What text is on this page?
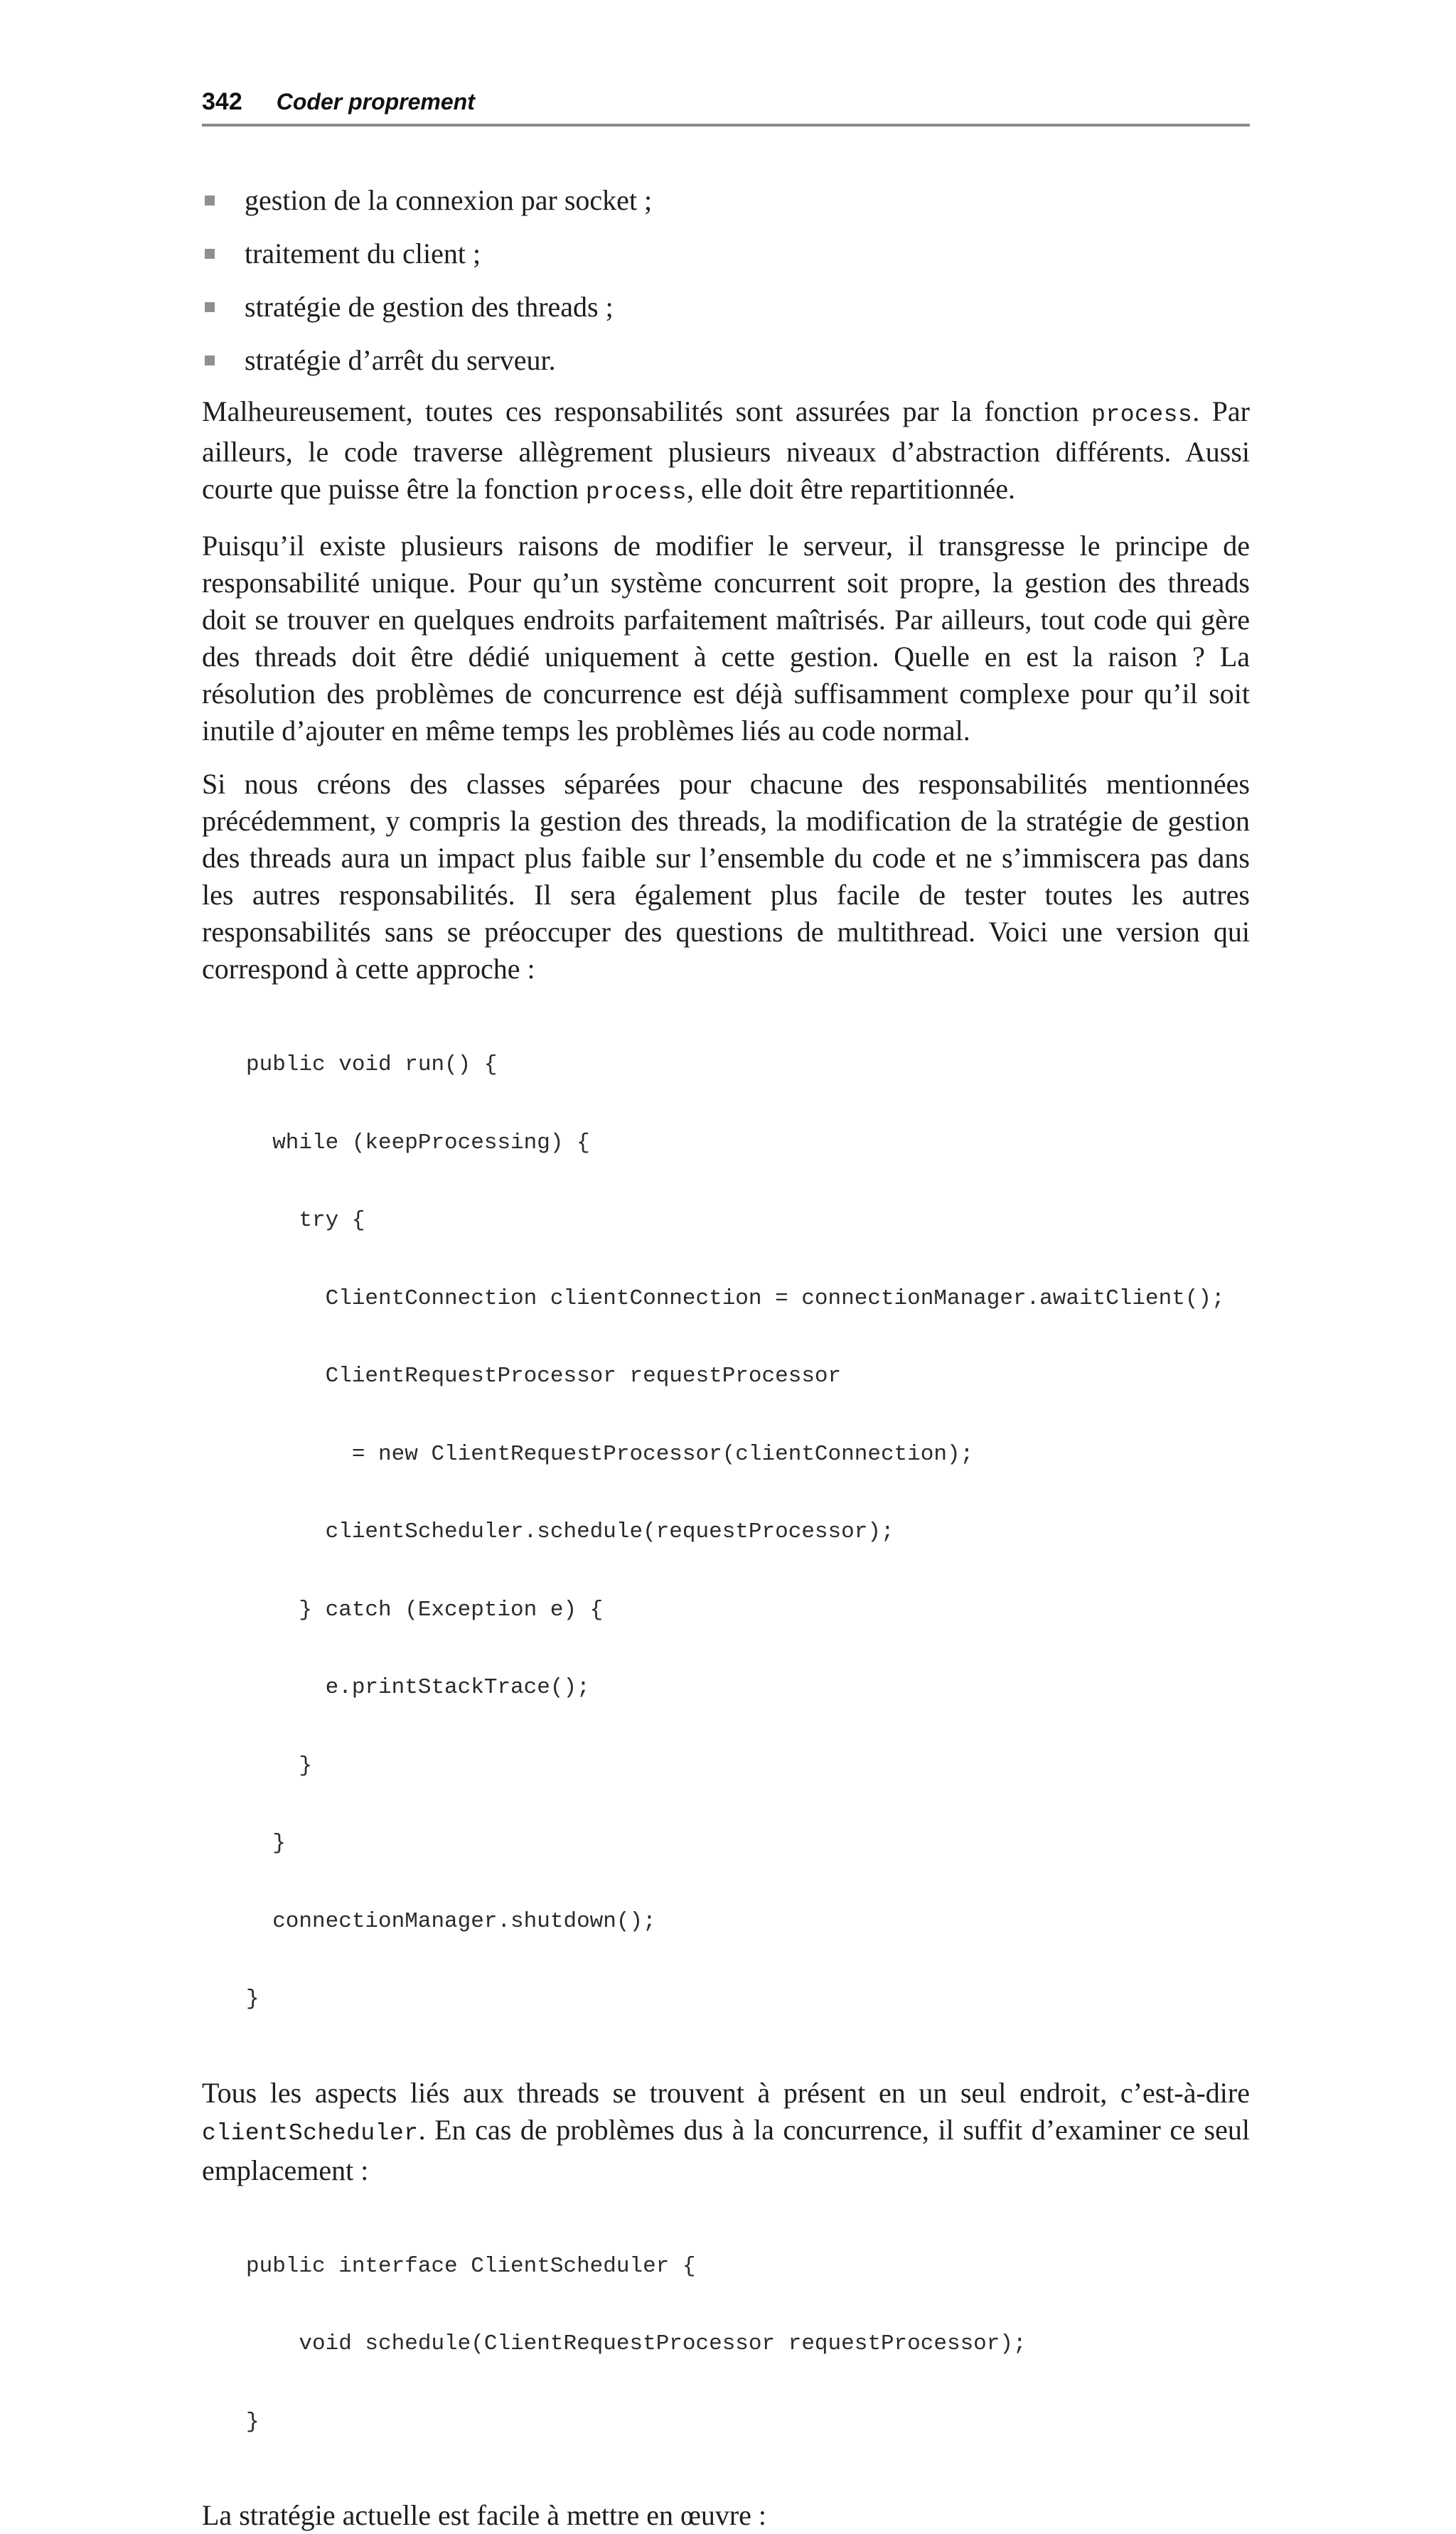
342 Coder proprement
gestion de la connexion par socket ;
traitement du client ;
stratégie de gestion des threads ;
stratégie d’arrêt du serveur.

Malheureusement, toutes ces responsabilités sont assurées par la fonction process. Par ailleurs, le code traverse allègrement plusieurs niveaux d’abstraction différents. Aussi courte que puisse être la fonction process, elle doit être repartitionnée.

Puisqu’il existe plusieurs raisons de modifier le serveur, il transgresse le principe de responsabilité unique. Pour qu’un système concurrent soit propre, la gestion des threads doit se trouver en quelques endroits parfaitement maîtrisés. Par ailleurs, tout code qui gère des threads doit être dédié uniquement à cette gestion. Quelle en est la raison ? La résolution des problèmes de concurrence est déjà suffisamment complexe pour qu’il soit inutile d’ajouter en même temps les problèmes liés au code normal.

Si nous créons des classes séparées pour chacune des responsabilités mentionnées précédemment, y compris la gestion des threads, la modification de la stratégie de gestion des threads aura un impact plus faible sur l’ensemble du code et ne s’immiscera pas dans les autres responsabilités. Il sera également plus facile de tester toutes les autres responsabilités sans se préoccuper des questions de multithread. Voici une version qui correspond à cette approche :

public void run() {

while (keepProcessing) {

try {

ClientConnection clientConnection = connectionManager.awaitClient();

ClientRequestProcessor requestProcessor

= new ClientRequestProcessor(clientConnection);

clientScheduler.schedule(requestProcessor);

} catch (Exception e) {

e.printStackTrace();

}

}

connectionManager.shutdown();

}

Tous les aspects liés aux threads se trouvent à présent en un seul endroit, c’est-à-dire clientScheduler. En cas de problèmes dus à la concurrence, il suffit d’examiner ce seul emplacement :

public interface ClientScheduler {

void schedule(ClientRequestProcessor requestProcessor);

}

La stratégie actuelle est facile à mettre en œuvre :
